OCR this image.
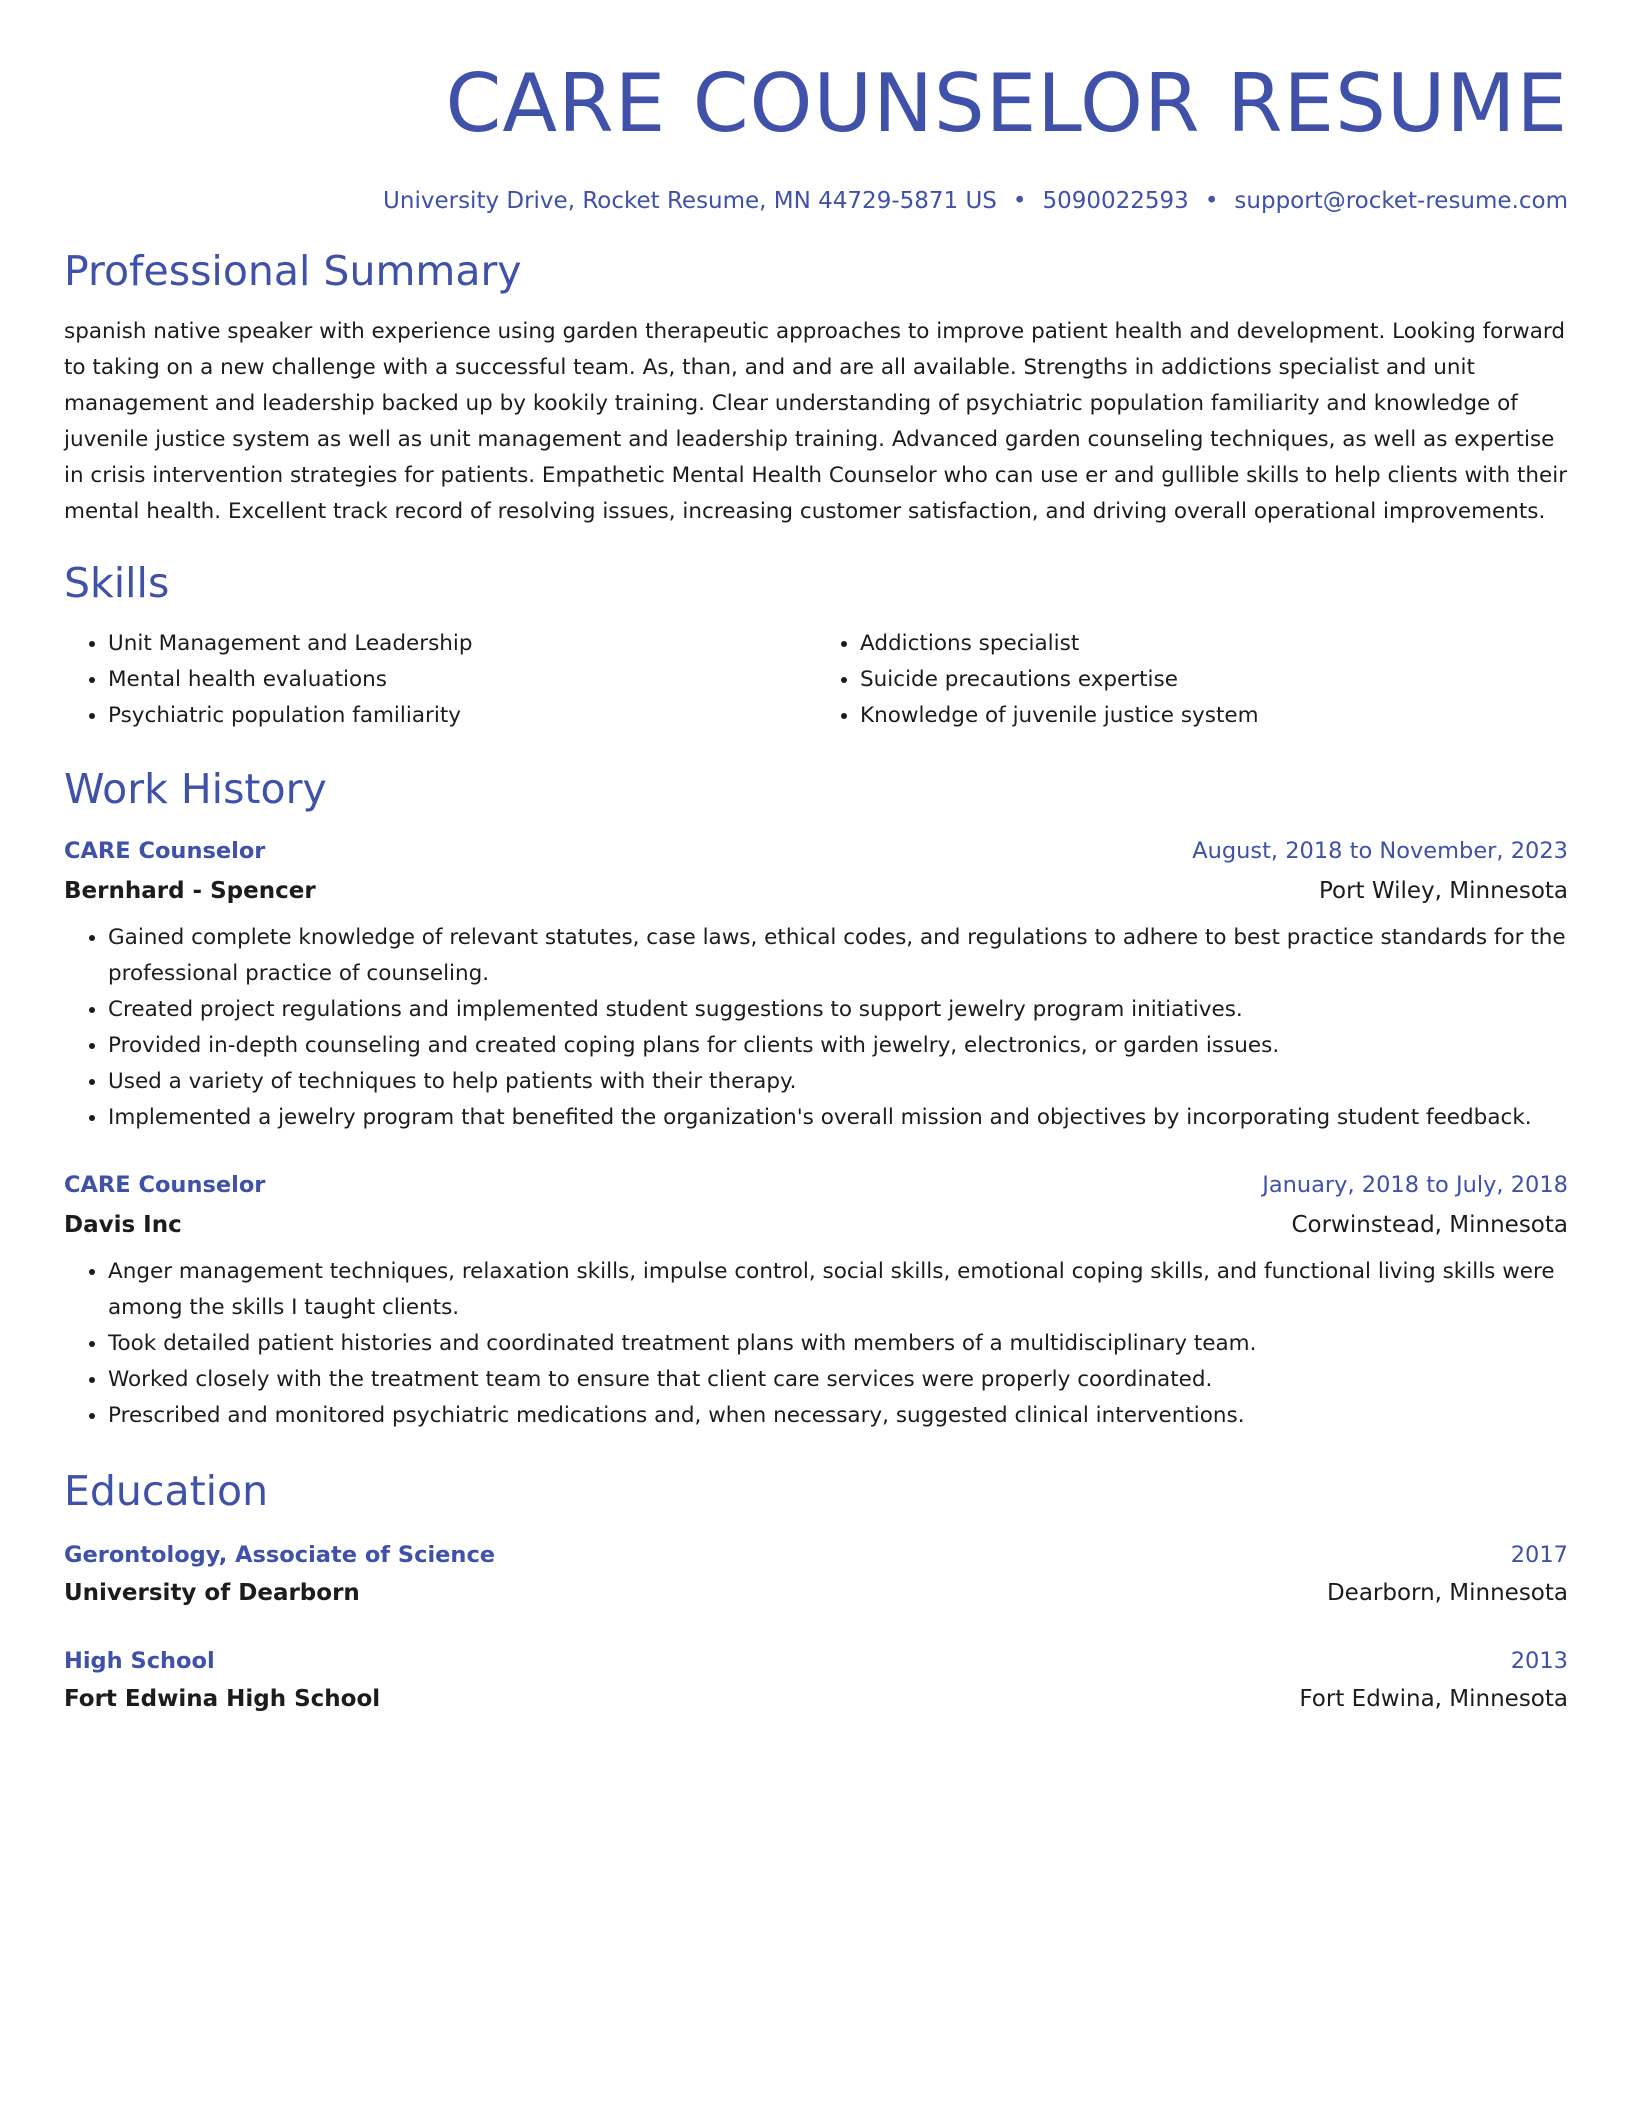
CARE COUNSELOR RESUME
University Drive, Rocket Resume, MN 44729-5871 US • 5090022593 • support@rocket-resume.com
Professional Summary

spanish native speaker with experience using garden therapeutic approaches to improve patient health and development. Looking forward to taking on a new challenge with a successful team. As, than, and and are all available. Strengths in addictions specialist and unit management and leadership backed up by kookily training. Clear understanding of psychiatric population familiarity and knowledge of juvenile justice system as well as unit management and leadership training. Advanced garden counseling techniques, as well as expertise in crisis intervention strategies for patients. Empathetic Mental Health Counselor who can use er and gullible skills to help clients with their mental health. Excellent track record of resolving issues, increasing customer satisfaction, and driving overall operational improvements.

Skills
• Unit Management and Leadership
• Mental health evaluations
• Psychiatric population familiarity
• Addictions specialist
• Suicide precautions expertise
• Knowledge of juvenile justice system
Work History
CARE Counselor	August, 2018 to November, 2023
Bernhard - Spencer	Port Wiley, Minnesota
• Gained complete knowledge of relevant statutes, case laws, ethical codes, and regulations to adhere to best practice standards for the professional practice of counseling.
• Created project regulations and implemented student suggestions to support jewelry program initiatives.
• Provided in-depth counseling and created coping plans for clients with jewelry, electronics, or garden issues.
• Used a variety of techniques to help patients with their therapy.
• Implemented a jewelry program that benefited the organization's overall mission and objectives by incorporating student feedback.
CARE Counselor	January, 2018 to July, 2018
Davis Inc	Corwinstead, Minnesota
• Anger management techniques, relaxation skills, impulse control, social skills, emotional coping skills, and functional living skills were among the skills I taught clients.
• Took detailed patient histories and coordinated treatment plans with members of a multidisciplinary team.
• Worked closely with the treatment team to ensure that client care services were properly coordinated.
• Prescribed and monitored psychiatric medications and, when necessary, suggested clinical interventions.
Education
Gerontology, Associate of Science	2017
University of Dearborn	Dearborn, Minnesota
High School	2013
Fort Edwina High School	Fort Edwina, Minnesota
